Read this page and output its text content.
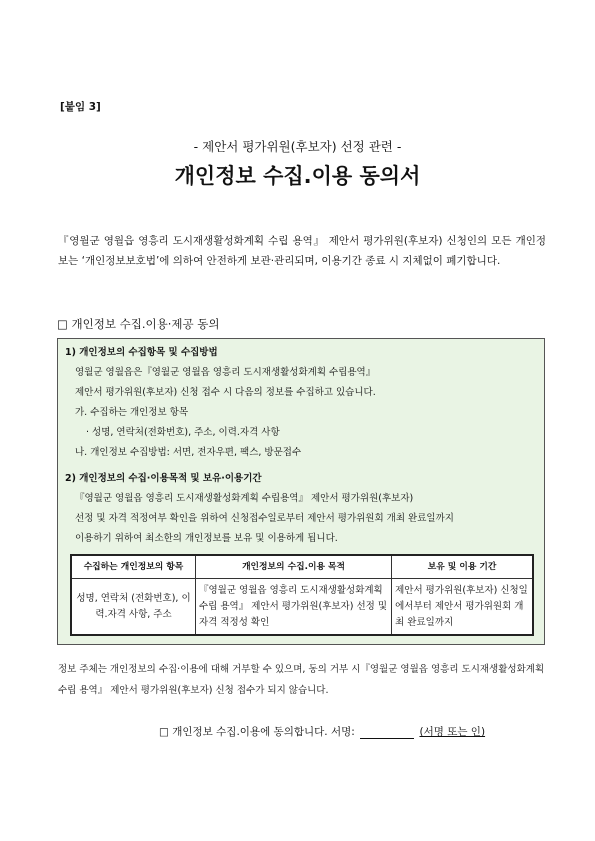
[붙임 3]
- 제안서 평가위원(후보자) 선정 관련 -
개인정보 수집.이용 동의서
『영월군 영월읍 영흥리 도시재생활성화계획 수립 용역』 제안서 평가위원(후보자) 신청인의 모든 개인정보는 ‘개인정보보호법’에 의하여 안전하게 보관·관리되며, 이용기간 종료 시 지체없이 폐기합니다.
□ 개인정보 수집.이용·제공 동의
1) 개인정보의 수집항목 및 수집방법
영월군 영월읍은『영월군 영월읍 영흥리 도시재생활성화계획 수립용역』
제안서 평가위원(후보자) 신청 접수 시 다음의 정보를 수집하고 있습니다.
가. 수집하는 개인정보 항목
· 성명, 연락처(전화번호), 주소, 이력.자격 사항
나. 개인정보 수집방법: 서면, 전자우편, 팩스, 방문접수
2) 개인정보의 수집·이용목적 및 보유·이용기간
『영월군 영월읍 영흥리 도시재생활성화계획 수립용역』 제안서 평가위원(후보자)
선정 및 자격 적정여부 확인을 위하여 신청접수일로부터 제안서 평가위원회 개최 완료일까지
이용하기 위하여 최소한의 개인정보를 보유 및 이용하게 됩니다.
수집하는 개인정보의 항목	개인정보의 수집.이용 목적	보유 및 이용 기간
성명, 연락처 (전화번호), 이력.자격 사항, 주소	『영월군 영월읍 영흥리 도시재생활성화계획 수립 용역』 제안서 평가위원(후보자) 선정 및 자격 적정성 확인	제안서 평가위원(후보자) 신청일에서부터 제안서 평가위원회 개최 완료일까지
정보 주체는 개인정보의 수집·이용에 대해 거부할 수 있으며, 동의 거부 시『영월군 영월읍 영흥리 도시재생활성화계획 수립 용역』 제안서 평가위원(후보자) 신청 접수가 되지 않습니다.
□ 개인정보 수집.이용에 동의합니다. 서명:	(서명 또는 인)
